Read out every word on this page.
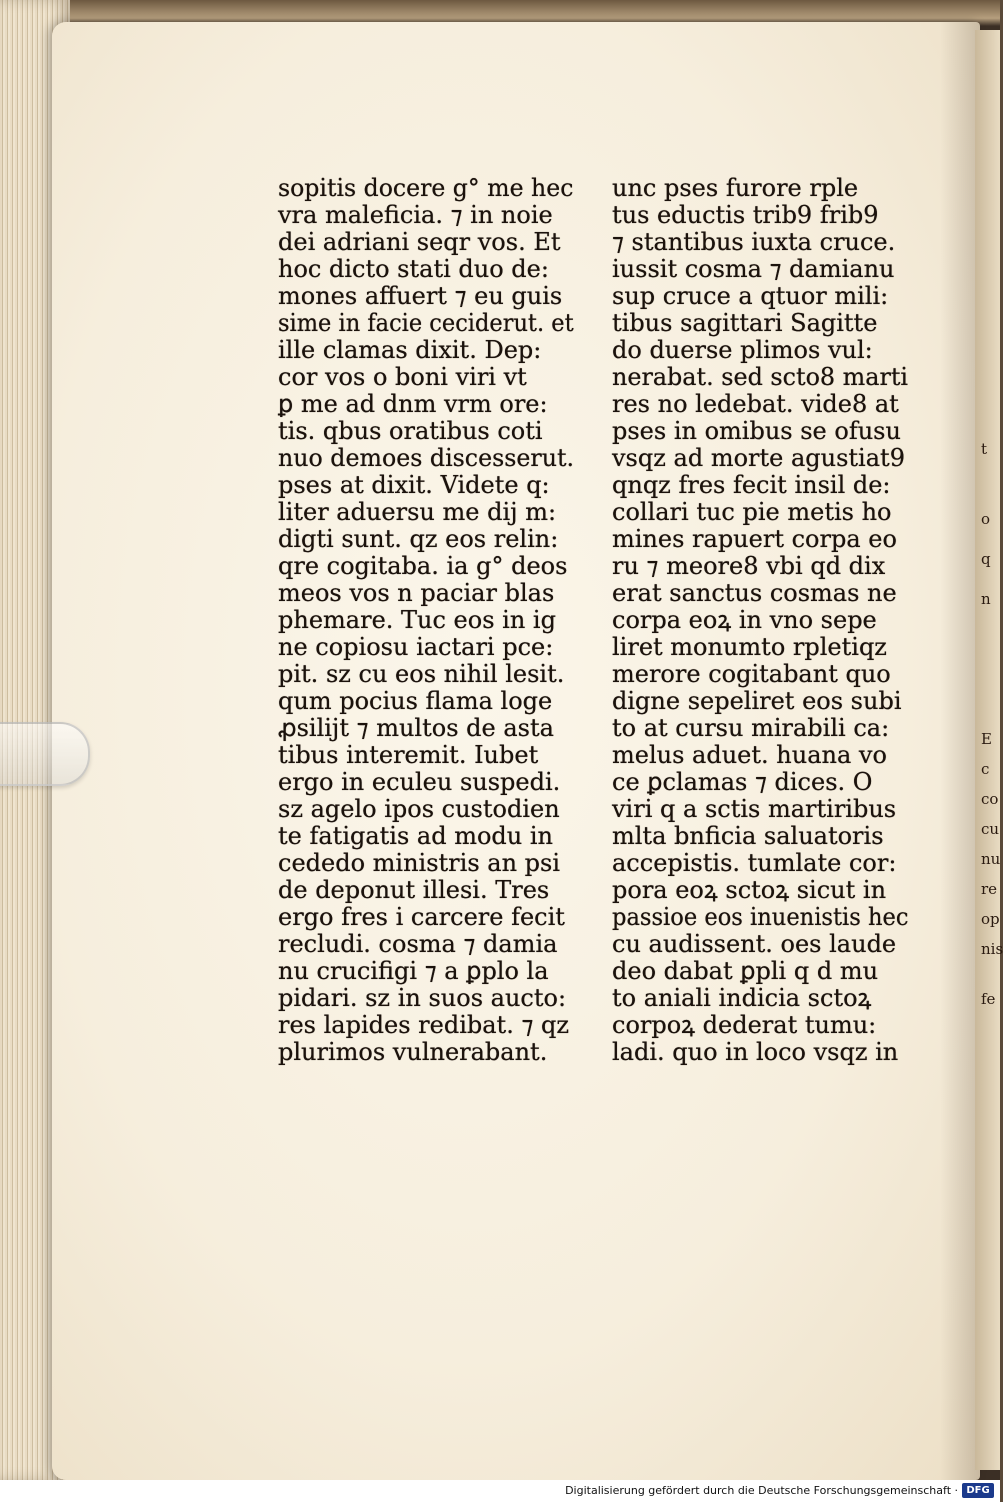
t
o
q
n
E
c
co
cu
nu
re
op
nis
fe
sopitis docere g° me hec
vra maleficia. ⁊ in noie
dei adriani seqr vos. Et
hoc dicto stati duo de:
mones affuert ⁊ eu guis
sime in facie ceciderut. et
ille clamas dixit. Dep:
cor vos o boni viri vt
ꝑ me ad dnm vrm ore:
tis. qbus oratibus coti
nuo demoes discesserut.
pses at dixit. Videte q:
liter aduersu me dij m:
digti sunt. qz eos relin:
qre cogitaba. ia g° deos
meos vos n paciar blas
phemare. Tuc eos in ig
ne copiosu iactari pce:
pit. sz cu eos nihil lesit.
qum pocius flama loge
ꝓsilijt ⁊ multos de asta
tibus interemit. Iubet
ergo in eculeu suspedi.
sz agelo ipos custodien
te fatigatis ad modu in
cededo ministris an psi
de deponut illesi. Tres
ergo fres i carcere fecit
recludi. cosma ⁊ damia
nu crucifigi ⁊ a ꝑplo la
pidari. sz in suos aucto:
res lapides redibat. ⁊ qz
plurimos vulnerabant.
unc pses furore rple
tus eductis trib9 frib9
⁊ stantibus iuxta cruce.
iussit cosma ⁊ damianu
sup cruce a qtuor mili:
tibus sagittari Sagitte
do duerse plimos vul:
nerabat. sed scto8 marti
res no ledebat. vide8 at
pses in omibus se ofusu
vsqz ad morte agustiat9
qnqz fres fecit insil de:
collari tuc pie metis ho
mines rapuert corpa eo
ru ⁊ meore8 vbi qd dix
erat sanctus cosmas ne
corpa eoꝝ in vno sepe
liret monumto rpletiqz
merore cogitabant quo
digne sepeliret eos subi
to at cursu mirabili ca:
melus aduet. huana vo
ce ꝑclamas ⁊ dices. O
viri q a sctis martiribus
mlta bnficia saluatoris
accepistis. tumlate cor:
pora eoꝝ sctoꝝ sicut in
passioe eos inuenistis hec
cu audissent. oes laude
deo dabat ꝑpli q d mu
to aniali indicia sctoꝝ
corpoꝝ dederat tumu:
ladi. quo in loco vsqz in
Digitalisierung gefördert durch die Deutsche Forschungsgemeinschaft · DFG
